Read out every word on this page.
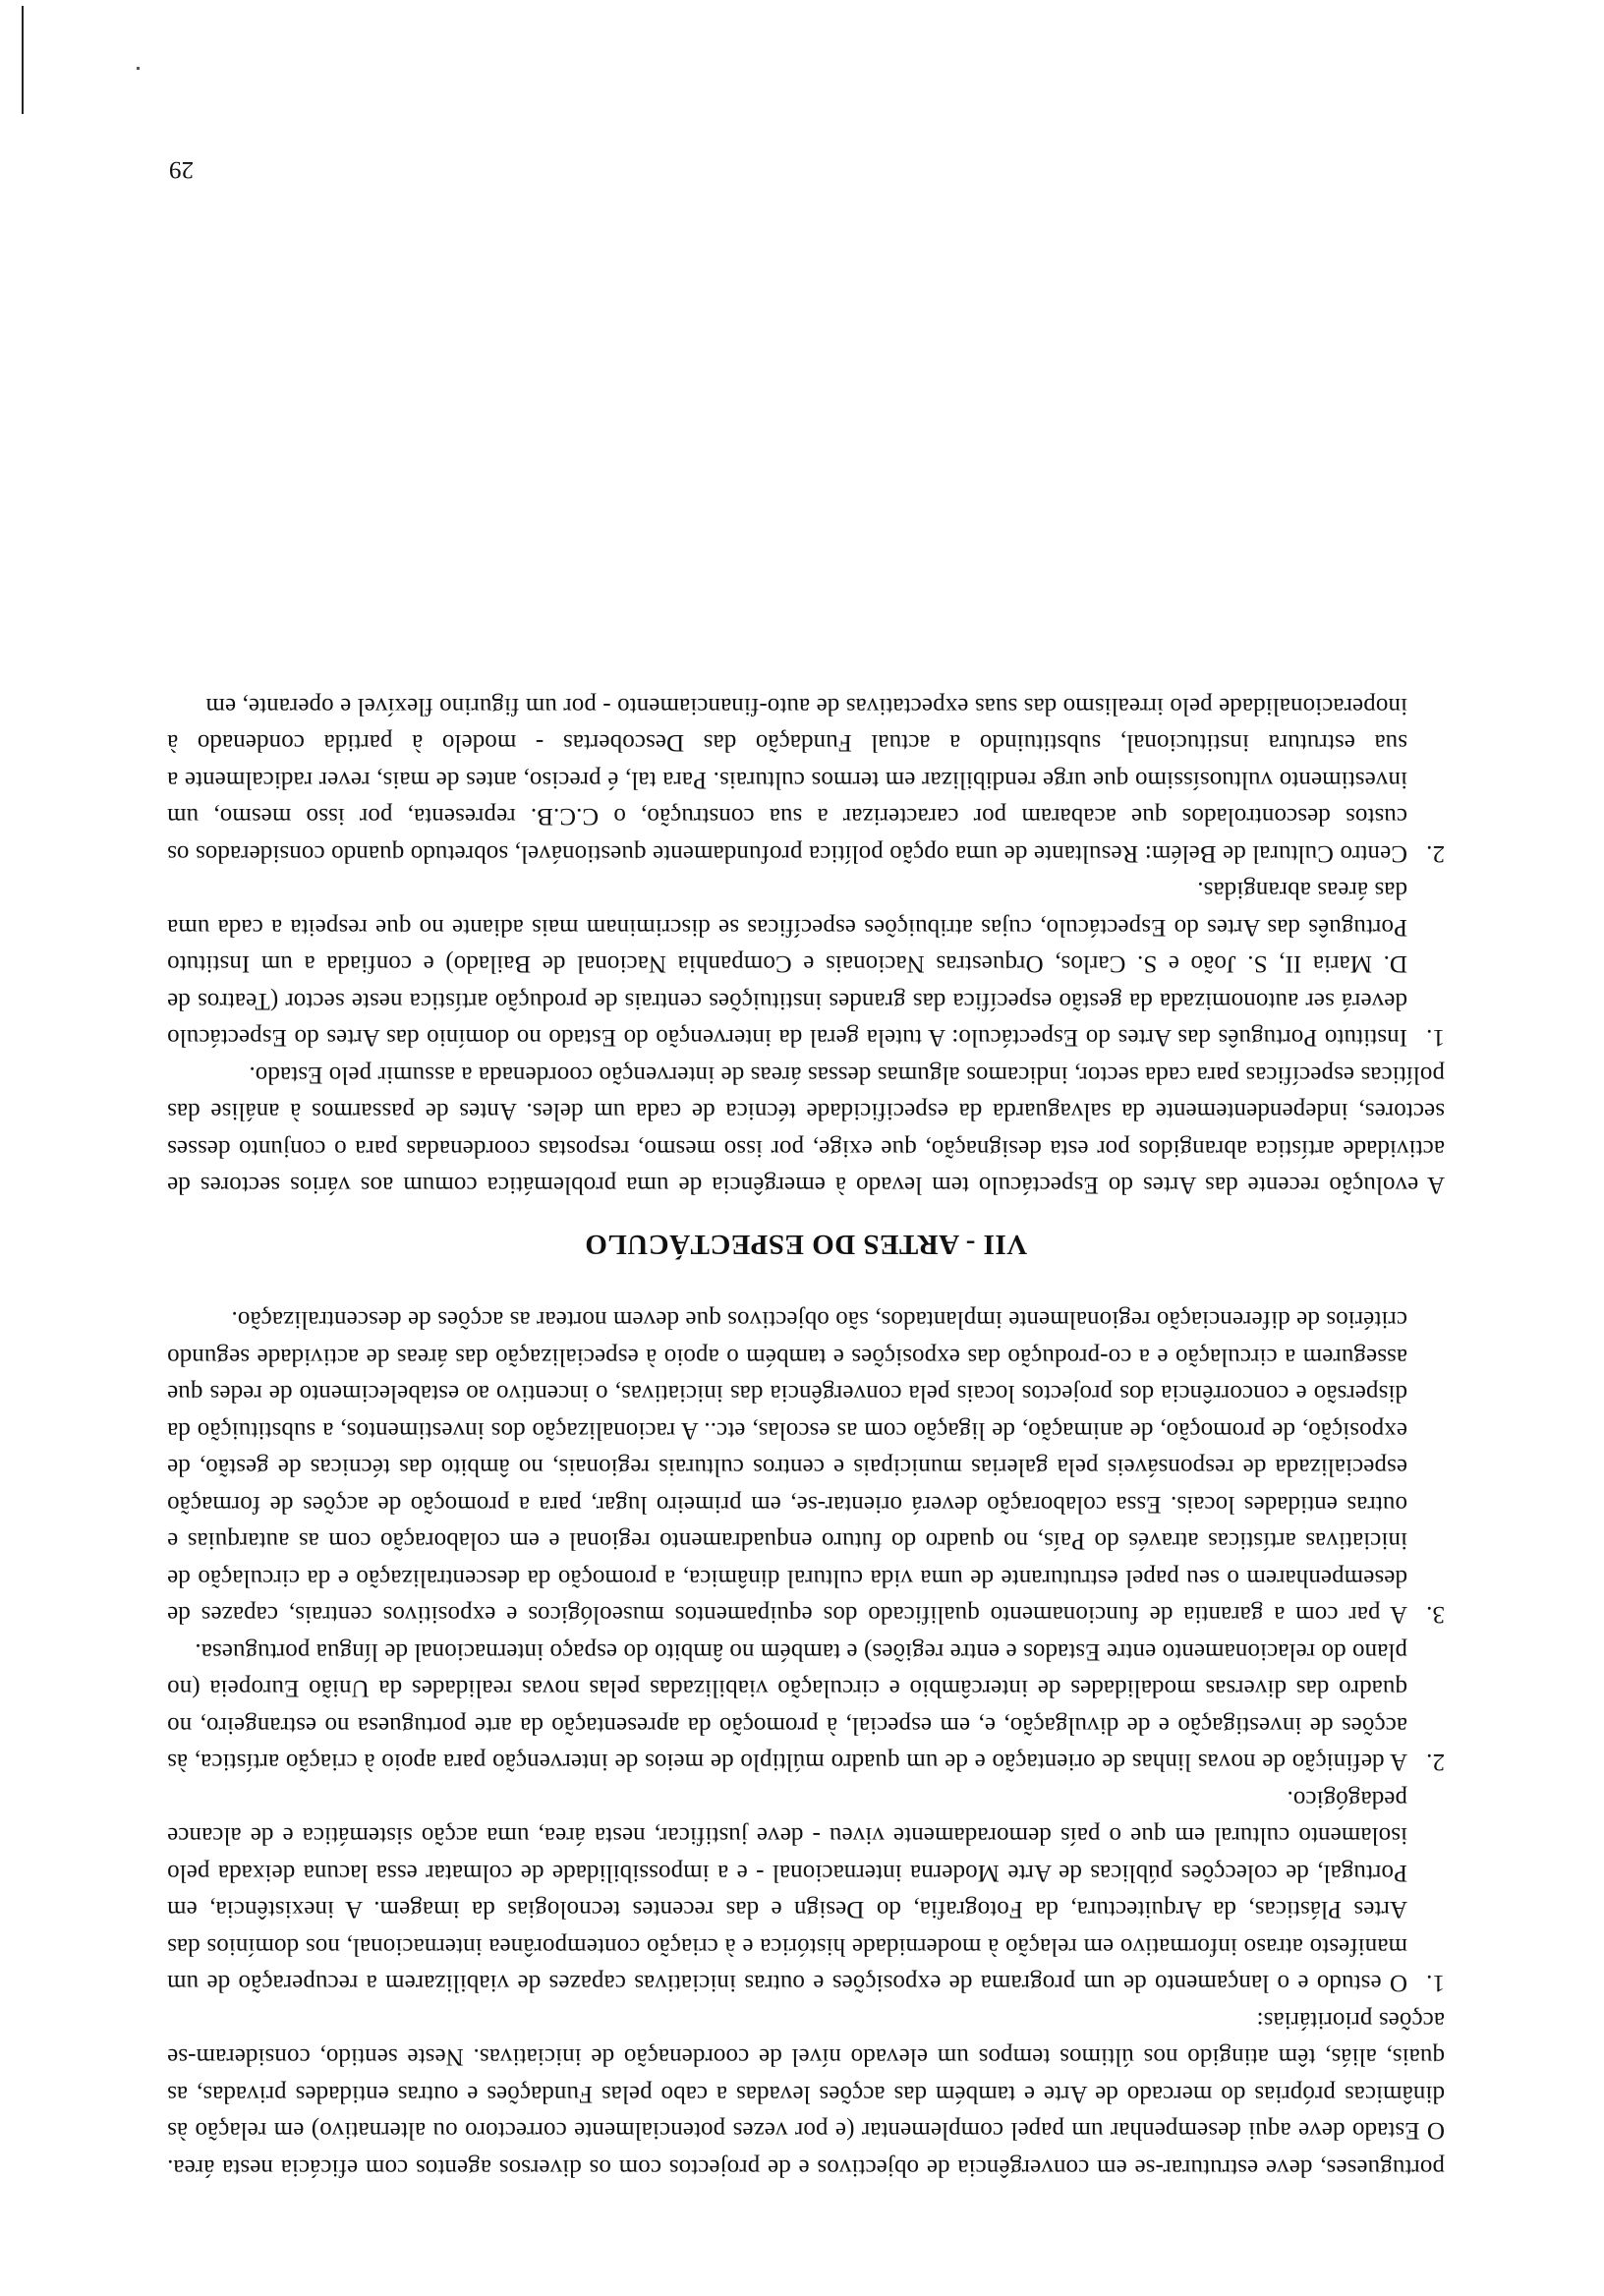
portugueses, deve estruturar-se em convergência de objectivos e de projectos com os diversos agentos com eficácia nesta área. O Estado deve aqui desempenhar um papel complementar (e por vezes potencialmente correctoro ou alternativo) em relação às dinâmicas próprias do mercado de Arte e também das acções levadas a cabo pelas Fundações e outras entidades privadas, as quais, aliás, têm atingido nos últimos tempos um elevado nível de coordenação de iniciativas. Neste sentido, consideram-se acções prioritárias:

1.O estudo e o lançamento de um programa de exposições e outras iniciativas capazes de viabilizarem a recuperação de um manifesto atraso informativo em relação à modernidade histórica e à criação contemporânea internacional, nos domínios das Artes Plásticas, da Arquitectura, da Fotografia, do Design e das recentes tecnologias da imagem. A inexistência, em Portugal, de colecções públicas de Arte Moderna internacional - e a impossibilidade de colmatar essa lacuna deixada pelo isolamento cultural em que o país demoradamente viveu - deve justificar, nesta área, uma acção sistemática e de alcance pedagógico.

2.A definição de novas linhas de orientação e de um quadro múltiplo de meios de intervenção para apoio à criação artística, às acções de investigação e de divulgação, e, em especial, à promoção da apresentação da arte portuguesa no estrangeiro, no quadro das diversas modalidades de intercâmbio e circulação viabilizadas pelas novas realidades da União Europeia (no plano do relacionamento entre Estados e entre regiões) e também no âmbito do espaço internacional de língua portuguesa.

3.A par com a garantia de funcionamento qualificado dos equipamentos museológicos e expositivos centrais, capazes de desempenharem o seu papel estruturante de uma vida cultural dinâmica, a promoção da descentralização e da circulação de iniciativas artísticas através do País, no quadro do futuro enquadramento regional e em colaboração com as autarquias e outras entidades locais. Essa colaboração deverá orientar-se, em primeiro lugar, para a promoção de acções de formação especializada de responsáveis pela galerias municipais e centros culturais regionais, no âmbito das técnicas de gestão, de exposição, de promoção, de animação, de ligação com as escolas, etc.. A racionalização dos investimentos, a substituição da dispersão e concorrência dos projectos locais pela convergência das iniciativas, o incentivo ao estabelecimento de redes que assegurem a circulação e a co-produção das exposições e também o apoio à especialização das áreas de actividade segundo critérios de diferenciação regionalmente implantados, são objectivos que devem nortear as acções de descentralização.

VII - ARTES DO ESPECTÁCULO

A evolução recente das Artes do Espectáculo tem levado à emergência de uma problemática comum aos vários sectores de actividade artística abrangidos por esta designação, que exige, por isso mesmo, respostas coordenadas para o conjunto desses sectores, independentemente da salvaguarda da especificidade técnica de cada um deles. Antes de passarmos à análise das políticas específicas para cada sector, indicamos algumas dessas áreas de intervenção coordenada a assumir pelo Estado.

1.Instituto Português das Artes do Espectáculo: A tutela geral da intervenção do Estado no domínio das Artes do Espectáculo deverá ser autonomizada da gestão específica das grandes instituições centrais de produção artística neste sector (Teatros de D. Maria II, S. João e S. Carlos, Orquestras Nacionais e Companhia Nacional de Bailado) e confiada a um Instituto Português das Artes do Espectáculo, cujas atribuições específicas se discriminam mais adiante no que respeita a cada uma das áreas abrangidas.

2.Centro Cultural de Belém: Resultante de uma opção política profundamente questionável, sobretudo quando considerados os custos descontrolados que acabaram por caracterizar a sua construção, o C.C.B. representa, por isso mesmo, um investimento vultuosíssimo que urge rendibilizar em termos culturais. Para tal, é preciso, antes de mais, rever radicalmente a sua estrutura institucional, substituindo a actual Fundação das Descobertas - modelo à partida condenado à inoperacionalidade pelo irrealismo das suas expectativas de auto-financiamento - por um figurino flexível e operante, em

29
